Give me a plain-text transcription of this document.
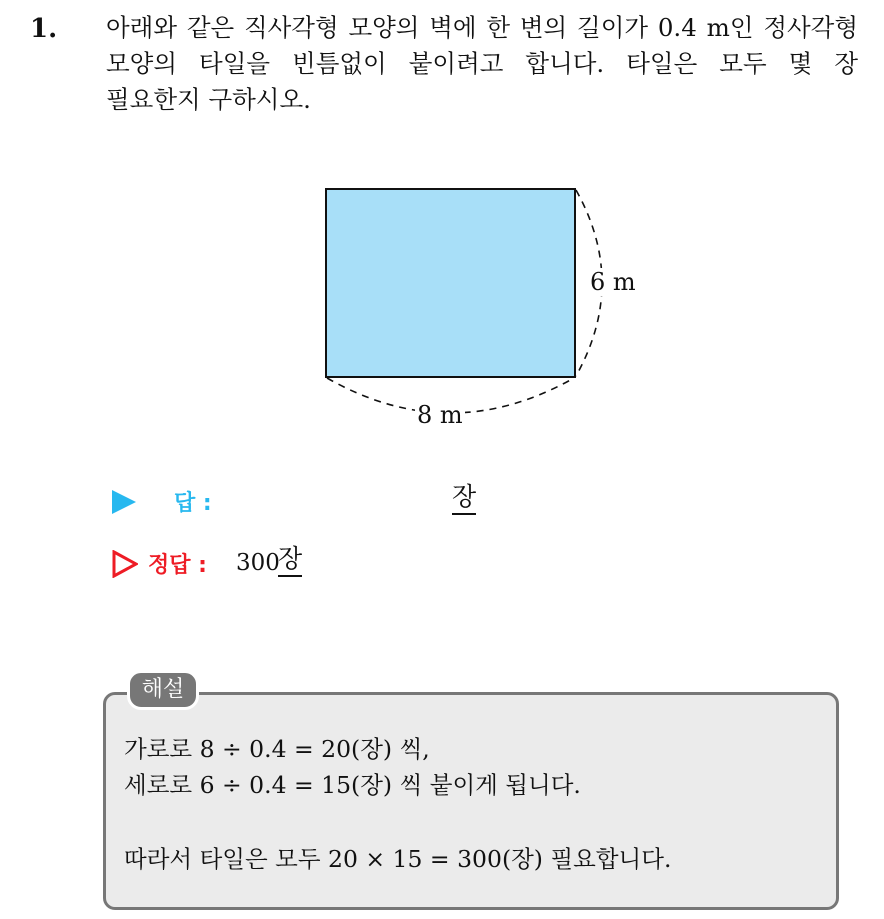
1. 아래와 같은 직사각형 모양의 벽에 한 변의 길이가 0.4 m인 정사각형
모양의 타일을 빈틈없이 붙이려고 합니다. 타일은 모두 몇 장
필요한지 구하시오.
6 m
8 m
답 :	장
정답 : 300
장
해설
가로로 8 ÷ 0.4 = 20(장) 씩,
세로로 6 ÷ 0.4 = 15(장) 씩 붙이게 됩니다.
따라서 타일은 모두 20 × 15 = 300(장) 필요합니다.
